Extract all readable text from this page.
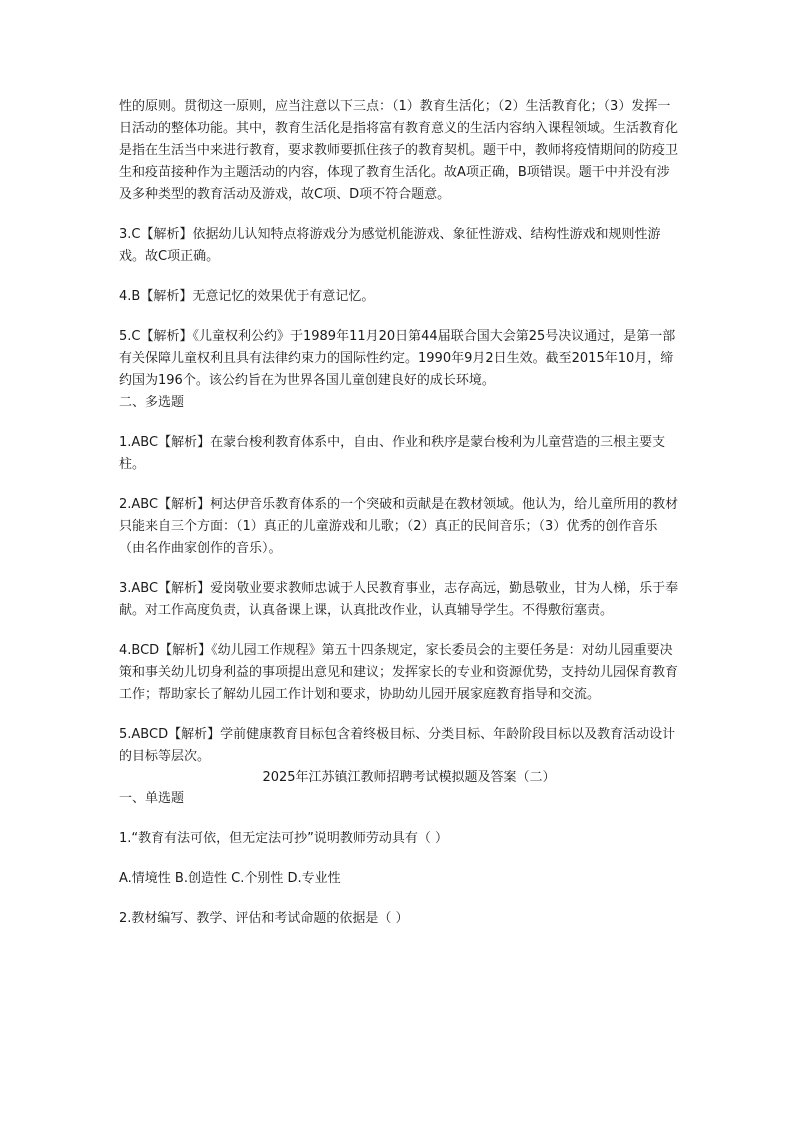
性的原则。贯彻这一原则，应当注意以下三点：（1）教育生活化；（2）生活教育化；（3）发挥一日活动的整体功能。其中，教育生活化是指将富有教育意义的生活内容纳入课程领域。生活教育化是指在生活当中来进行教育，要求教师要抓住孩子的教育契机。题干中，教师将疫情期间的防疫卫生和疫苗接种作为主题活动的内容，体现了教育生活化。故A项正确，B项错误。题干中并没有涉及多种类型的教育活动及游戏，故C项、D项不符合题意。

3.C【解析】依据幼儿认知特点将游戏分为感觉机能游戏、象征性游戏、结构性游戏和规则性游戏。故C项正确。

4.B【解析】无意记忆的效果优于有意记忆。

5.C【解析】《儿童权利公约》于1989年11月20日第44届联合国大会第25号决议通过，是第一部有关保障儿童权利且具有法律约束力的国际性约定。1990年9月2日生效。截至2015年10月，缔约国为196个。该公约旨在为世界各国儿童创建良好的成长环境。

二、多选题

1.ABC【解析】在蒙台梭利教育体系中，自由、作业和秩序是蒙台梭利为儿童营造的三根主要支柱。

2.ABC【解析】柯达伊音乐教育体系的一个突破和贡献是在教材领域。他认为，给儿童所用的教材只能来自三个方面：（1）真正的儿童游戏和儿歌；（2）真正的民间音乐；（3）优秀的创作音乐（由名作曲家创作的音乐）。

3.ABC【解析】爱岗敬业要求教师忠诚于人民教育事业，志存高远，勤恳敬业，甘为人梯，乐于奉献。对工作高度负责，认真备课上课，认真批改作业，认真辅导学生。不得敷衍塞责。

4.BCD【解析】《幼儿园工作规程》第五十四条规定，家长委员会的主要任务是：对幼儿园重要决策和事关幼儿切身利益的事项提出意见和建议；发挥家长的专业和资源优势，支持幼儿园保育教育工作；帮助家长了解幼儿园工作计划和要求，协助幼儿园开展家庭教育指导和交流。

5.ABCD【解析】学前健康教育目标包含着终极目标、分类目标、年龄阶段目标以及教育活动设计的目标等层次。

2025年江苏镇江教师招聘考试模拟题及答案（二）

一、单选题

1.“教育有法可依，但无定法可抄”说明教师劳动具有（ ）

A.情境性 B.创造性 C.个别性 D.专业性

2.教材编写、教学、评估和考试命题的依据是（ ）
